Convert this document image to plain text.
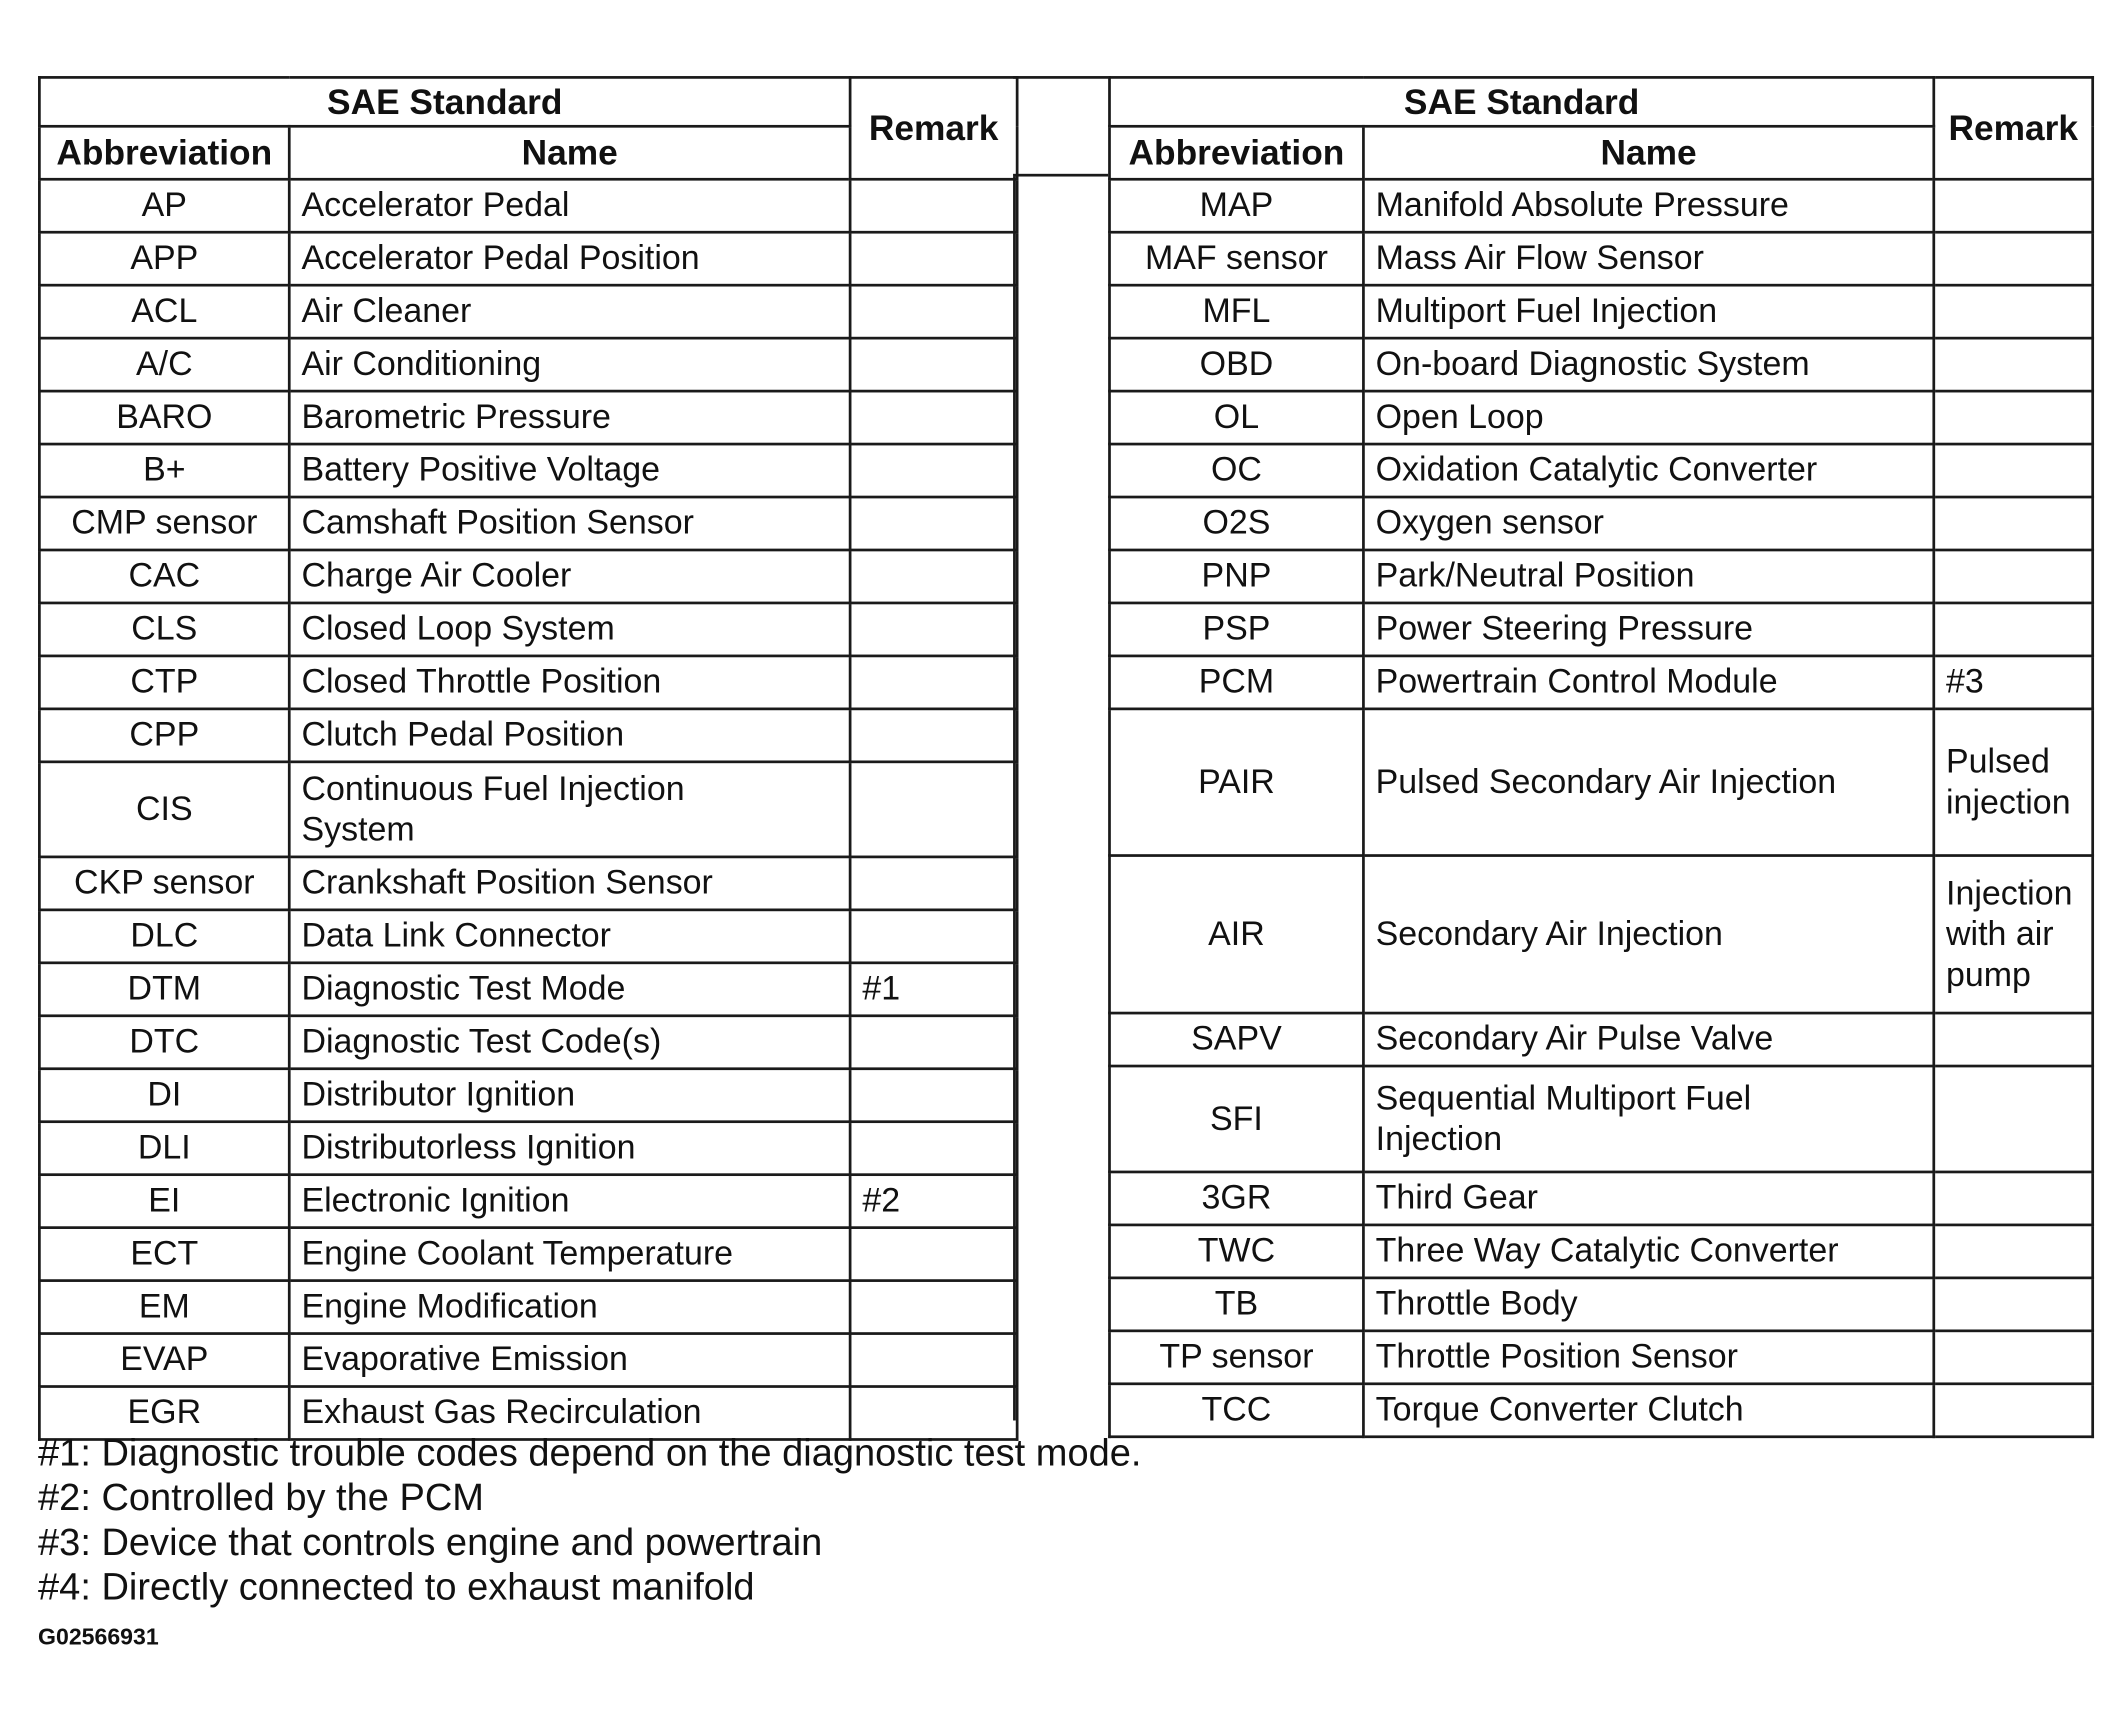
SAE Standard		Remark
Abbreviation	Name	
AP	Accelerator Pedal	
APP	Accelerator Pedal Position	
ACL	Air Cleaner	
A/C	Air Conditioning	
BARO	Barometric Pressure	
B+	Battery Positive Voltage	
CMP sensor	Camshaft Position Sensor	
CAC	Charge Air Cooler	
CLS	Closed Loop System	
CTP	Closed Throttle Position	
CPP	Clutch Pedal Position	
CIS	Continuous Fuel Injection
System	

CKP sensor	Crankshaft Position Sensor	
DLC	Data Link Connector	
DTM	Diagnostic Test Mode	#1
DTC	Diagnostic Test Code(s)	
DI	Distributor Ignition	
DLI	Distributorless Ignition	
EI	Electronic Ignition	#2
ECT	Engine Coolant Temperature	
EM	Engine Modification	
EVAP	Evaporative Emission	
EGR	Exhaust Gas Recirculation	
SAE Standard		Remark
Abbreviation	Name	
MAP	Manifold Absolute Pressure	
MAF sensor	Mass Air Flow Sensor	
MFL	Multiport Fuel Injection	
OBD	On-board Diagnostic System	
OL	Open Loop	
OC	Oxidation Catalytic Converter	
O2S	Oxygen sensor	
PNP	Park/Neutral Position	
PSP	Power Steering Pressure	
PCM	Powertrain Control Module	#3
PAIR	Pulsed Secondary Air Injection	Pulsed
injection

AIR	Secondary Air Injection	Injection
with air
pump

SAPV	Secondary Air Pulse Valve	
SFI	Sequential Multiport Fuel
Injection	

3GR	Third Gear	
TWC	Three Way Catalytic Converter	
TB	Throttle Body	
TP sensor	Throttle Position Sensor	
TCC	Torque Converter Clutch	
#1: Diagnostic trouble codes depend on the diagnostic test mode.
#2: Controlled by the PCM
#3: Device that controls engine and powertrain
#4: Directly connected to exhaust manifold
G02566931
